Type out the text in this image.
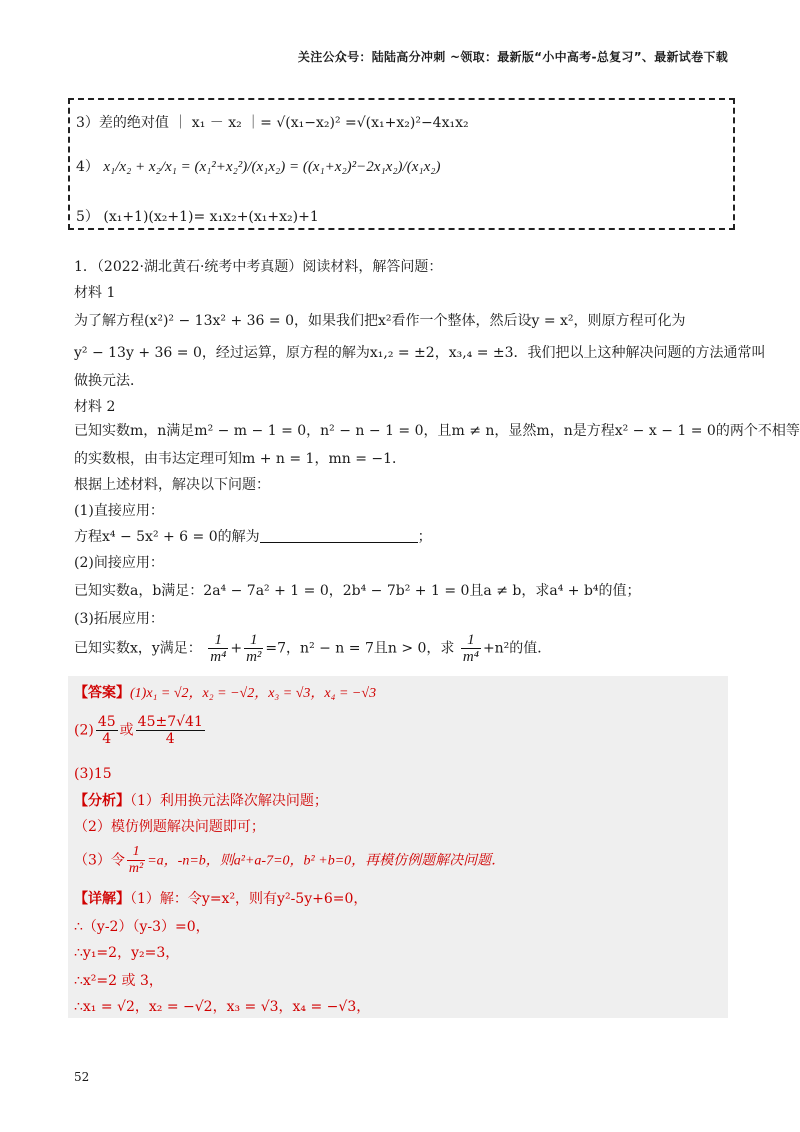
关注公众号：陆陆高分冲刺 ~领取：最新版“小中高考-总复习”、最新试卷下载
3）差的绝对值 ｜ x₁ － x₂ ｜= √(x₁−x₂)² =√(x₁+x₂)²−4x₁x₂
4） x₁/x₂ + x₂/x₁ = (x₁²+x₂²)/(x₁x₂) = ((x₁+x₂)²−2x₁x₂)/(x₁x₂)
5） (x₁+1)(x₂+1)= x₁x₂+(x₁+x₂)+1
1．（2022·湖北黄石·统考中考真题）阅读材料，解答问题：
材料 1
为了解方程(x²)² − 13x² + 36 = 0，如果我们把x²看作一个整体，然后设y = x²，则原方程可化为
y² − 13y + 36 = 0，经过运算，原方程的解为x₁,₂ = ±2，x₃,₄ = ±3．我们把以上这种解决问题的方法通常叫
做换元法．
材料 2
已知实数m，n满足m² − m − 1 = 0，n² − n − 1 = 0，且m ≠ n，显然m，n是方程x² − x − 1 = 0的两个不相等
的实数根，由韦达定理可知m + n = 1，mn = −1．
根据上述材料，解决以下问题：
(1)直接应用：
方程x⁴ − 5x² + 6 = 0的解为	；
(2)间接应用：
已知实数a，b满足：2a⁴ − 7a² + 1 = 0，2b⁴ − 7b² + 1 = 0且a ≠ b，求a⁴ + b⁴的值；
(3)拓展应用：
已知实数x，y满足： $\frac{1}{\text{m⁴}} + \frac{1}{\text{m²}} =7$，n² − n = 7且n > 0，求 $\frac{1}{\text{m⁴}} +n^2$的值．
【答案】(1)x₁ = √2，x₂ = −√2，x₃ = √3，x₄ = −√3
$(2) \frac{45}{4}$ 或 $\frac{45\pm 7√41}{4}$
(3)15
【分析】（1）利用换元法降次解决问题；
（2）模仿例题解决问题即可；
（3）令 $\frac{1}{\text{m²}} =a$，-n=b，则a²+a-7=0，b² +b=0，再模仿例题解决问题．
【详解】（1）解：令y=x²，则有y²-5y+6=0，
∴（y-2）（y-3）=0，
∴y₁=2，y₂=3，
∴x²=2 或 3，
∴x₁ = √2，x₂ = −√2，x₃ = √3，x₄ = −√3，
52
